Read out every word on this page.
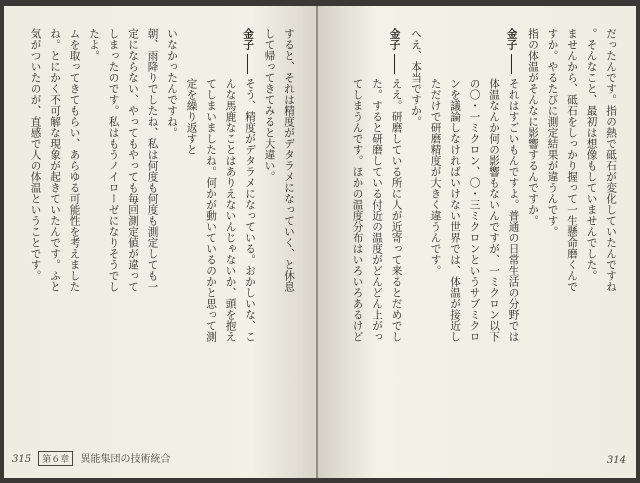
すると、それは精度がデタラメになっていく、と休息
して帰ってきてみると大違い。
そう、精度がデタラメになっている。おかしいな、こ
金子
んな馬鹿なことはありえないんじゃないか、頭を抱え
てしまいましたね。何かが動いているのかと思って測
定を繰り返すと
いなかったんですね。
朝、雨降りでしたね、私は何度も何度も測定しても一
定にならない、やってもやっても毎回測定値が違って
しまったのです。私はもうノイローゼになりそうでし
たよ。
ムを取ってきてもらい、あらゆる可能性を考えました
ね。とにかく不可解な現象が起きていたんです。ふと
気がついたのが、直感で人の体温ということです。
315 第６章 異能集団の技術統合
だったんです。指の熱で砥石が変化していたんですね
。そんなこと、最初は想像もしていませんでした。
ませんから、砥石をしっかり握って一生懸命磨くんで
すか。やるたびに測定結果が違うんです。
指の体温がそんなに影響するんですか。
それはすごいもんですよ。普通の日常生活の分野では
金子
体温なんか何の影響もないんですが、一ミクロン以下
の〇・一ミクロン、〇・三ミクロンというサブミクロ
ンを議論しなければいけない世界では、体温が接近し
ただけで研磨精度が大きく違うんです。
へえ、本当ですか。
ええ。研磨している所に人が近寄って来るとだめでし
金子
た。すると研磨している付近の温度がどんどん上がっ
てしまうんです。ほかの温度分布はいろいろあるけど
314
